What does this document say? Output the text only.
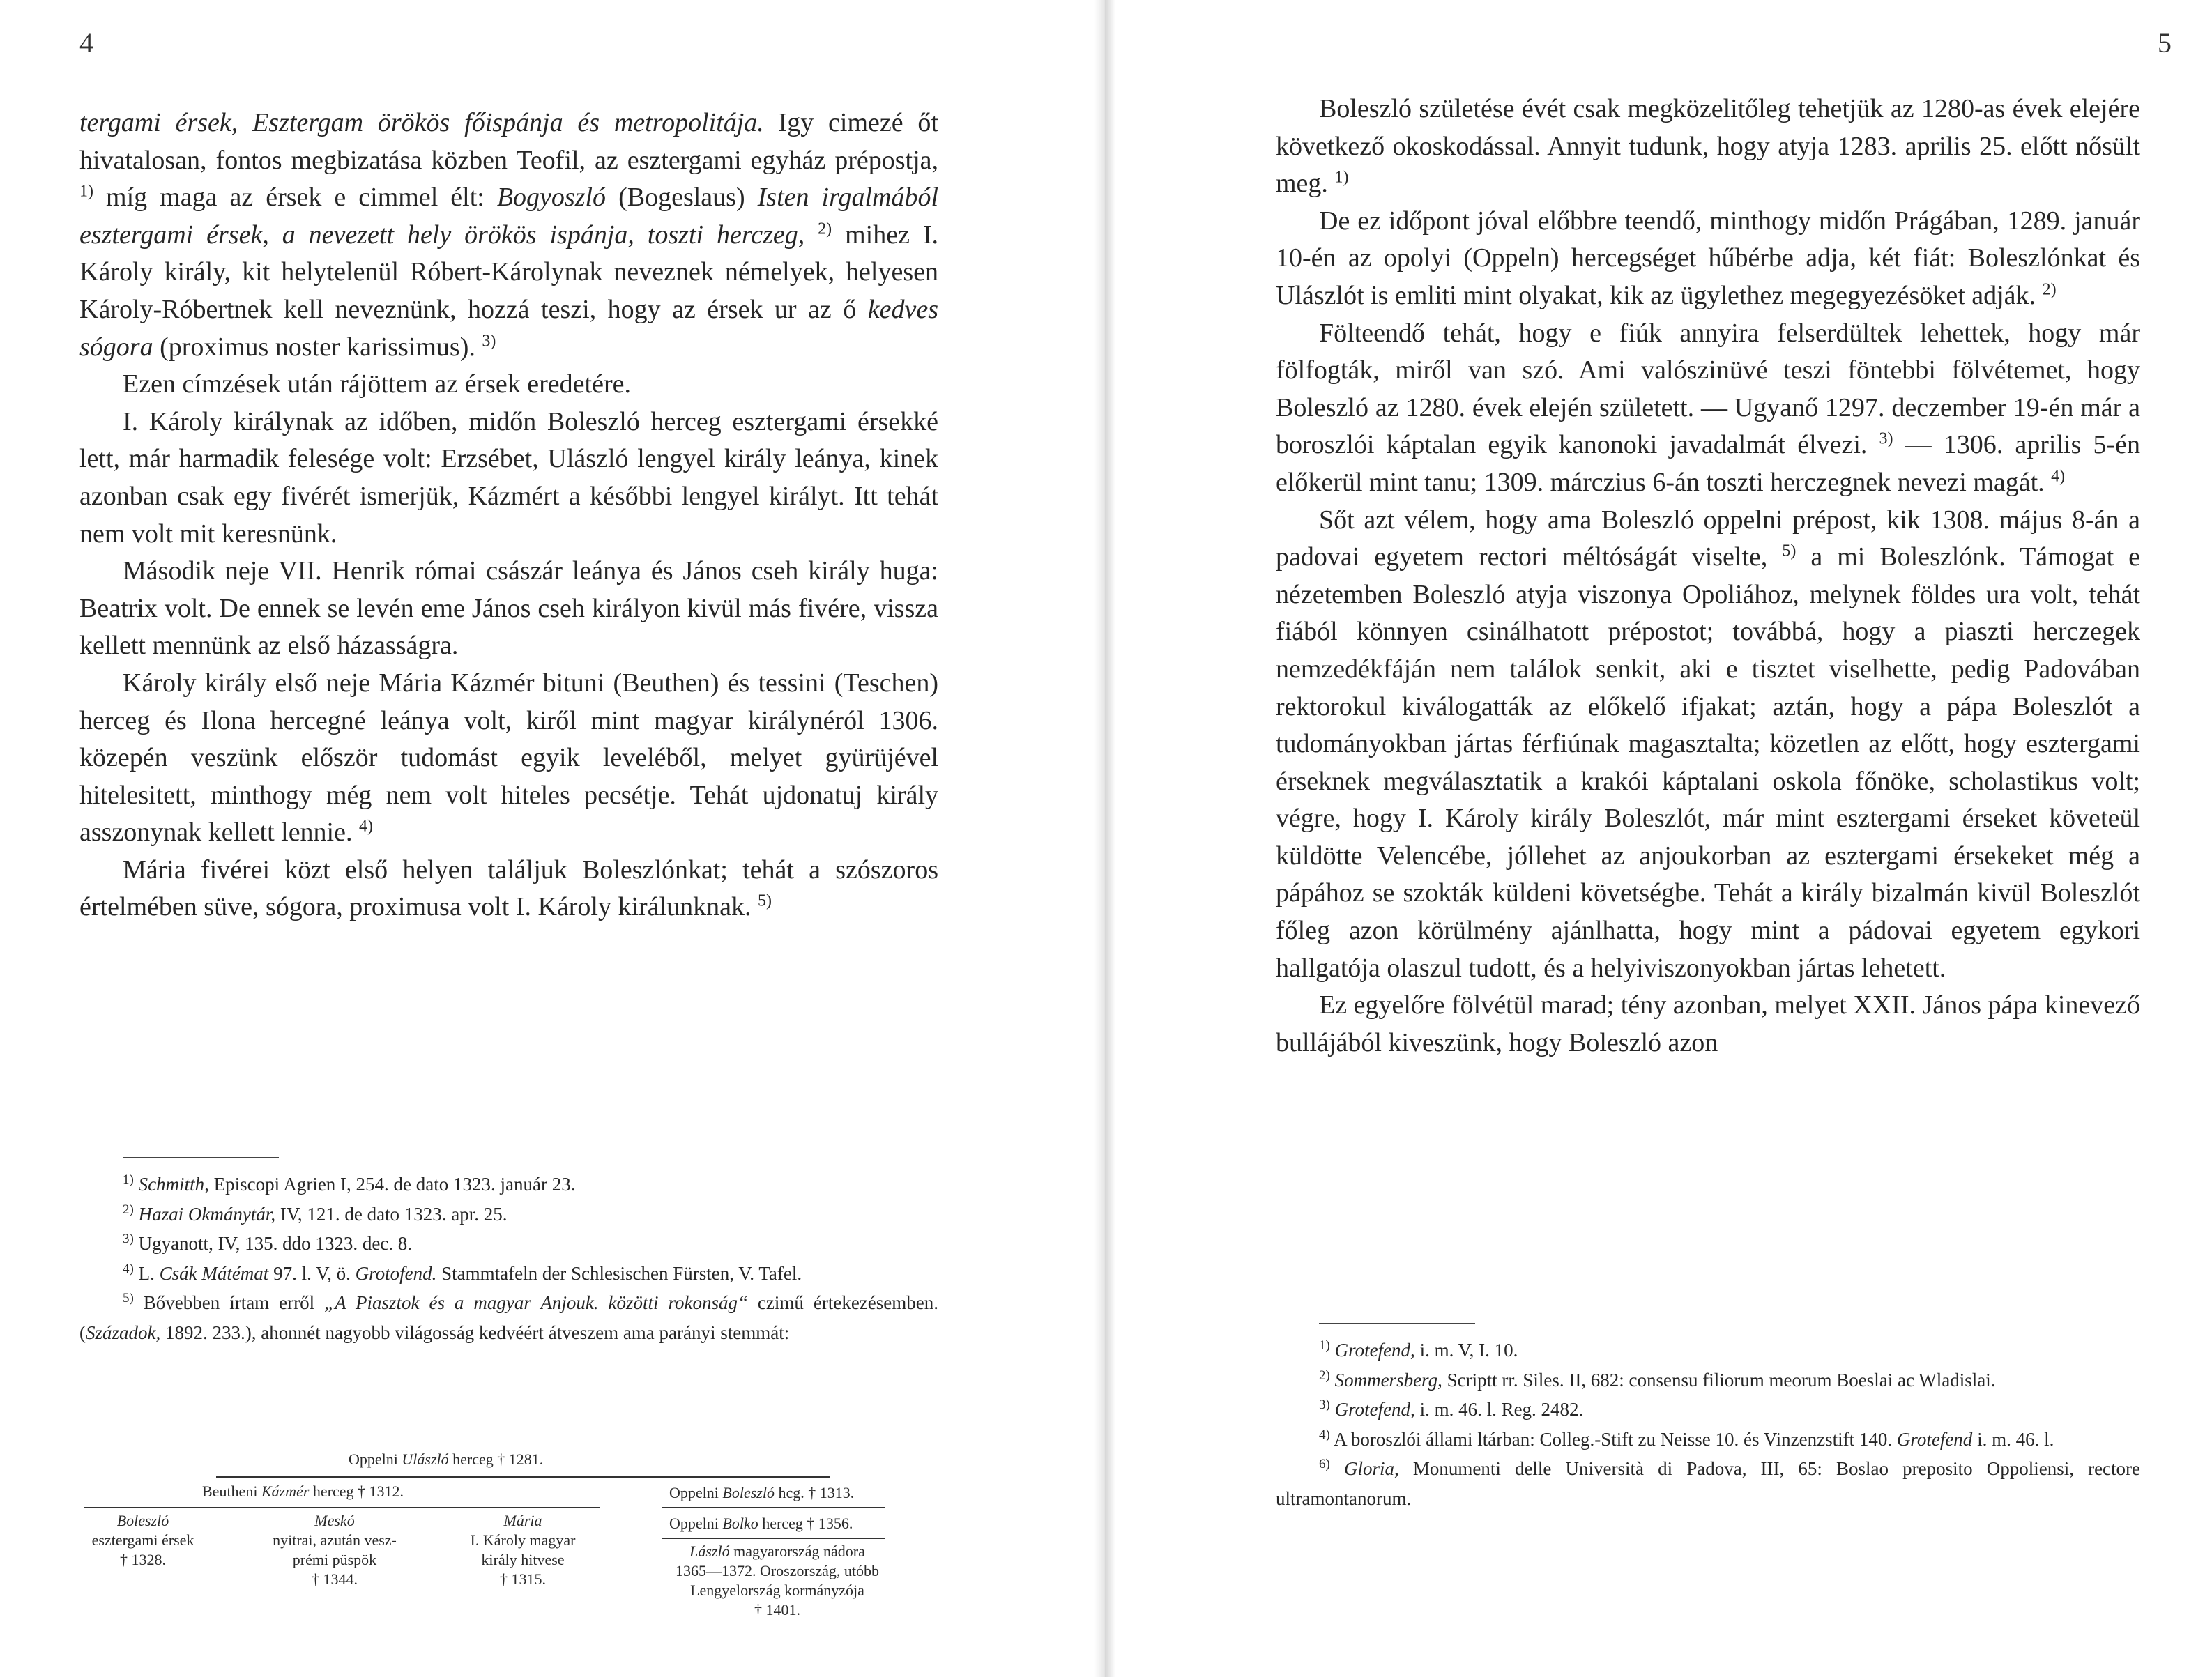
4

tergami érsek, Esztergam örökös főispánja és metropolitája. Igy cimezé őt hivatalosan, fontos megbizatása közben Teofil, az esztergami egyház prépostja, $^{1)}$ míg maga az érsek e cimmel élt: Bogyoszló (Bogeslaus) Isten irgalmából esztergami érsek, a nevezett hely örökös ispánja, toszti herczeg, $^{2)}$ mihez I. Károly király, kit helytelenül Róbert-Károlynak neveznek némelyek, helyesen Károly-Róbertnek kell neveznünk, hozzá teszi, hogy az érsek ur az ő kedves sógora (proximus noster karissimus). $^{3)}$

Ezen címzések után rájöttem az érsek eredetére.

I. Károly királynak az időben, midőn Boleszló herceg esztergami érsekké lett, már harmadik felesége volt: Erzsébet, Ulászló lengyel király leánya, kinek azonban csak egy fivérét ismerjük, Kázmért a későbbi lengyel királyt. Itt tehát nem volt mit keresnünk.

Második neje VII. Henrik római császár leánya és János cseh király huga: Beatrix volt. De ennek se levén eme János cseh királyon kivül más fivére, vissza kellett mennünk az első házasságra.

Károly király első neje Mária Kázmér bituni (Beuthen) és tessini (Teschen) herceg és Ilona hercegné leánya volt, kiről mint magyar királynéról 1306. közepén veszünk először tudomást egyik leveléből, melyet gyürüjével hitelesitett, minthogy még nem volt hiteles pecsétje. Tehát ujdonatuj király asszonynak kellett lennie. $^{4)}$

Mária fivérei közt első helyen találjuk Boleszlónkat; tehát a szószoros értelmében süve, sógora, proximusa volt I. Károly királunknak. $^{5)}$

$^{1)}$ Schmitth, Episcopi Agrien I, 254. de dato 1323. január 23.

$^{2)}$ Hazai Okmánytár, IV, 121. de dato 1323. apr. 25.

$^{3)}$ Ugyanott, IV, 135. ddo 1323. dec. 8.

$^{4)}$ L. Csák Mátémat 97. l. V, ö. Grotofend. Stammtafeln der Schlesischen Fürsten, V. Tafel.

$^{5)}$ Bővebben írtam erről „A Piasztok és a magyar Anjouk. közötti rokonság“ czimű értekezésemben. (Századok, 1892. 233.), ahonnét nagyobb világosság kedvéért átveszem ama parányi stemmát:

Oppelni Ulászló herceg † 1281.
Beutheni Kázmér herceg † 1312.	Oppelni Boleszló hcg. † 1313.
Boleszló
esztergami érsek
† 1328.
Meskó
nyitrai, azután vesz-
prémi püspök
† 1344.
Mária
I. Károly magyar
király hitvese
† 1315.
Oppelni Bolko herceg † 1356.
László magyarország nádora
1365—1372. Oroszország, utóbb
Lengyelország kormányzója
† 1401.
5

Boleszló születése évét csak megközelitőleg tehetjük az 1280-as évek elejére következő okoskodással. Annyit tudunk, hogy atyja 1283. aprilis 25. előtt nősült meg. $^{1)}$

De ez időpont jóval előbbre teendő, minthogy midőn Prágában, 1289. január 10-én az opolyi (Oppeln) hercegséget hűbérbe adja, két fiát: Boleszlónkat és Ulászlót is emliti mint olyakat, kik az ügylethez megegyezésöket adják. $^{2)}$

Fölteendő tehát, hogy e fiúk annyira felserdültek lehettek, hogy már fölfogták, miről van szó. Ami valószinüvé teszi föntebbi fölvétemet, hogy Boleszló az 1280. évek elején született. — Ugyanő 1297. deczember 19-én már a boroszlói káptalan egyik kanonoki javadalmát élvezi. $^{3)}$ — 1306. aprilis 5-én előkerül mint tanu; 1309. márczius 6-án toszti herczegnek nevezi magát. $^{4)}$

Sőt azt vélem, hogy ama Boleszló oppelni prépost, kik 1308. május 8-án a padovai egyetem rectori méltóságát viselte, $^{5)}$ a mi Boleszlónk. Támogat e nézetemben Boleszló atyja viszonya Opoliához, melynek földes ura volt, tehát fiából könnyen csinálhatott prépostot; továbbá, hogy a piaszti herczegek nemzedékfáján nem találok senkit, aki e tisztet viselhette, pedig Padovában rektorokul kiválogatták az előkelő ifjakat; aztán, hogy a pápa Boleszlót a tudományokban jártas férfiúnak magasztalta; közetlen az előtt, hogy esztergami érseknek megválasztatik a krakói káptalani oskola főnöke, scholastikus volt; végre, hogy I. Károly király Boleszlót, már mint esztergami érseket követeül küldötte Velencébe, jóllehet az anjoukorban az esztergami érsekeket még a pápához se szokták küldeni követségbe. Tehát a király bizalmán kivül Boleszlót főleg azon körülmény ajánlhatta, hogy mint a pádovai egyetem egykori hallgatója olaszul tudott, és a helyiviszonyokban jártas lehetett.

Ez egyelőre fölvétül marad; tény azonban, melyet XXII. János pápa kinevező bullájából kiveszünk, hogy Boleszló azon

$^{1)}$ Grotefend, i. m. V, I. 10.

$^{2)}$ Sommersberg, Scriptt rr. Siles. II, 682: consensu filiorum meorum Boeslai ac Wladislai.

$^{3)}$ Grotefend, i. m. 46. l. Reg. 2482.

$^{4)}$ A boroszlói állami ltárban: Colleg.-Stift zu Neisse 10. és Vinzenzstift 140. Grotefend i. m. 46. l.

$^{6)}$ Gloria, Monumenti delle Università di Padova, III, 65: Boslao preposito Oppoliensi, rectore ultramontanorum.
